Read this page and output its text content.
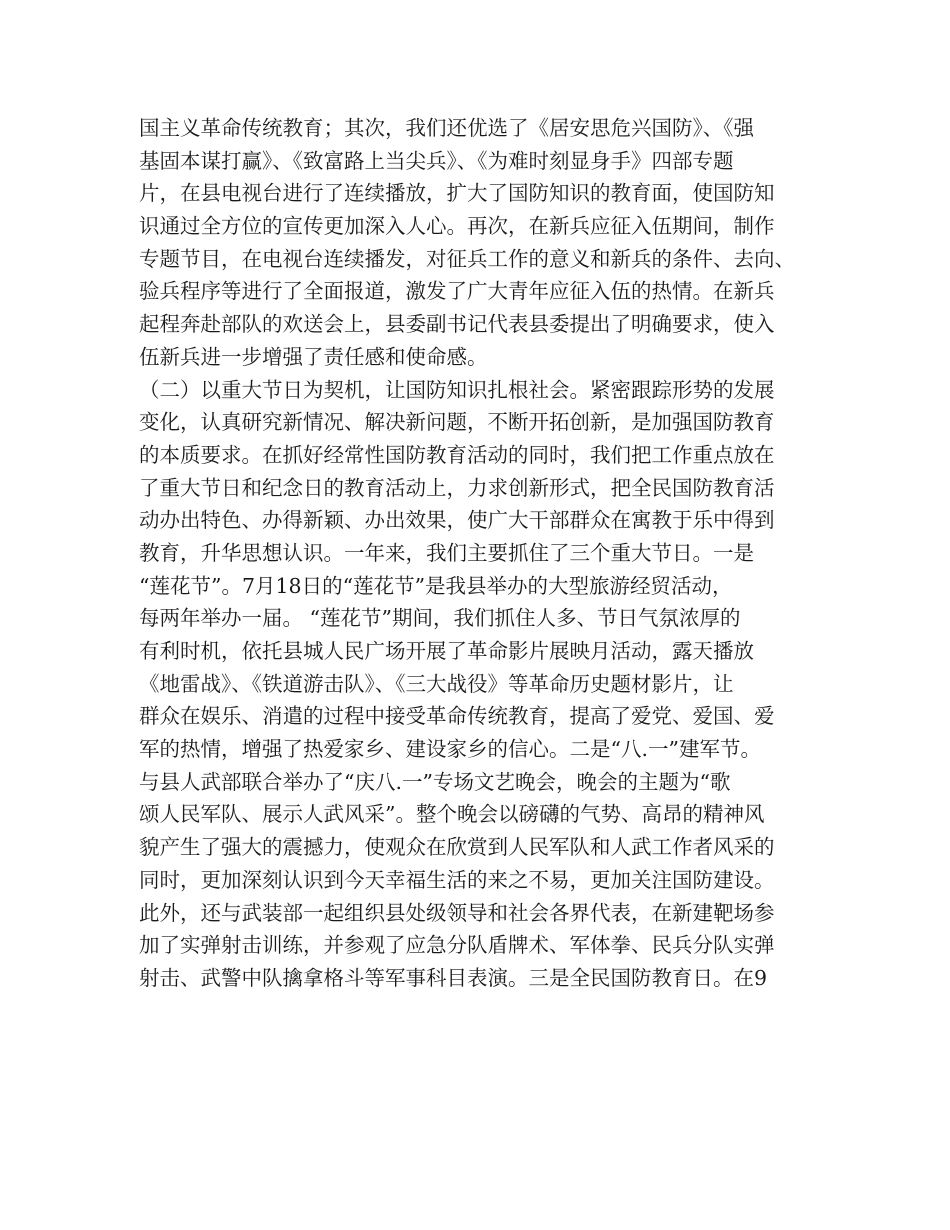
国主义革命传统教育；其次，我们还优选了《居安思危兴国防》、《强
基固本谋打赢》、《致富路上当尖兵》、《为难时刻显身手》四部专题
片，在县电视台进行了连续播放，扩大了国防知识的教育面，使国防知
识通过全方位的宣传更加深入人心。再次，在新兵应征入伍期间，制作
专题节目，在电视台连续播发，对征兵工作的意义和新兵的条件、去向、
验兵程序等进行了全面报道，激发了广大青年应征入伍的热情。在新兵
起程奔赴部队的欢送会上，县委副书记代表县委提出了明确要求，使入
伍新兵进一步增强了责任感和使命感。
（二）以重大节日为契机，让国防知识扎根社会。紧密跟踪形势的发展
变化，认真研究新情况、解决新问题，不断开拓创新，是加强国防教育
的本质要求。在抓好经常性国防教育活动的同时，我们把工作重点放在
了重大节日和纪念日的教育活动上，力求创新形式，把全民国防教育活
动办出特色、办得新颖、办出效果，使广大干部群众在寓教于乐中得到
教育，升华思想认识。一年来，我们主要抓住了三个重大节日。一是
“莲花节”。7月18日的“莲花节”是我县举办的大型旅游经贸活动，
每两年举办一届。 “莲花节”期间，我们抓住人多、节日气氛浓厚的
有利时机，依托县城人民广场开展了革命影片展映月活动，露天播放
《地雷战》、《铁道游击队》、《三大战役》等革命历史题材影片，让
群众在娱乐、消遣的过程中接受革命传统教育，提高了爱党、爱国、爱
军的热情，增强了热爱家乡、建设家乡的信心。二是“八.一”建军节。
与县人武部联合举办了“庆八.一”专场文艺晚会，晚会的主题为“歌
颂人民军队、展示人武风采”。整个晚会以磅礴的气势、高昂的精神风
貌产生了强大的震撼力，使观众在欣赏到人民军队和人武工作者风采的
同时，更加深刻认识到今天幸福生活的来之不易，更加关注国防建设。
此外，还与武装部一起组织县处级领导和社会各界代表，在新建靶场参
加了实弹射击训练，并参观了应急分队盾牌术、军体拳、民兵分队实弹
射击、武警中队擒拿格斗等军事科目表演。三是全民国防教育日。在9
